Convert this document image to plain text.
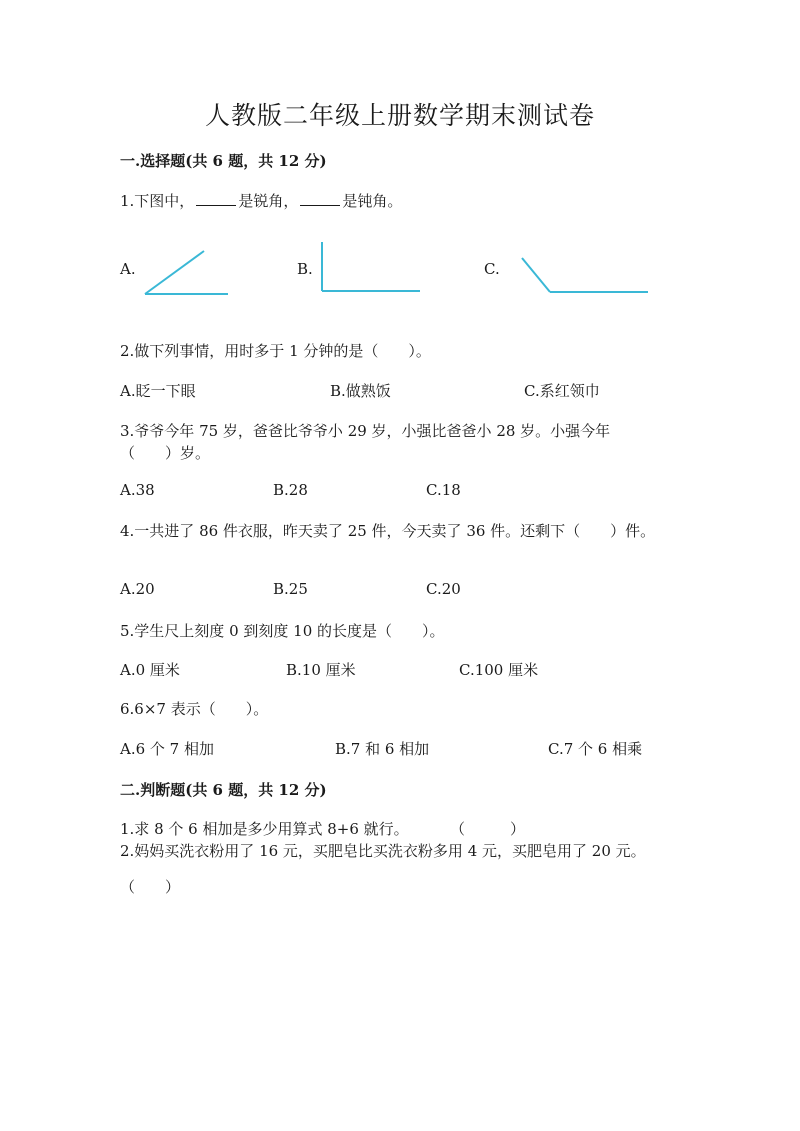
人教版二年级上册数学期末测试卷
一.选择题(共 6 题，共 12 分)
1.下图中，	是锐角，	是钝角。
A.	B.	C.
2.做下列事情，用时多于 1 分钟的是（　　）。
A.眨一下眼	B.做熟饭	C.系红领巾
3.爷爷今年 75 岁，爸爸比爷爷小 29 岁，小强比爸爸小 28 岁。小强今年
（　　）岁。
A.38	B.28	C.18
4.一共进了 86 件衣服，昨天卖了 25 件，今天卖了 36 件。还剩下（　　）件。
A.20	B.25	C.20
5.学生尺上刻度 0 到刻度 10 的长度是（　　）。
A.0 厘米	B.10 厘米	C.100 厘米
6.6×7 表示（　　）。
A.6 个 7 相加	B.7 和 6 相加	C.7 个 6 相乘
二.判断题(共 6 题，共 12 分)
1.求 8 个 6 相加是多少用算式 8+6 就行。	（　　　）
2.妈妈买洗衣粉用了 16 元，买肥皂比买洗衣粉多用 4 元，买肥皂用了 20 元。
（　　）
